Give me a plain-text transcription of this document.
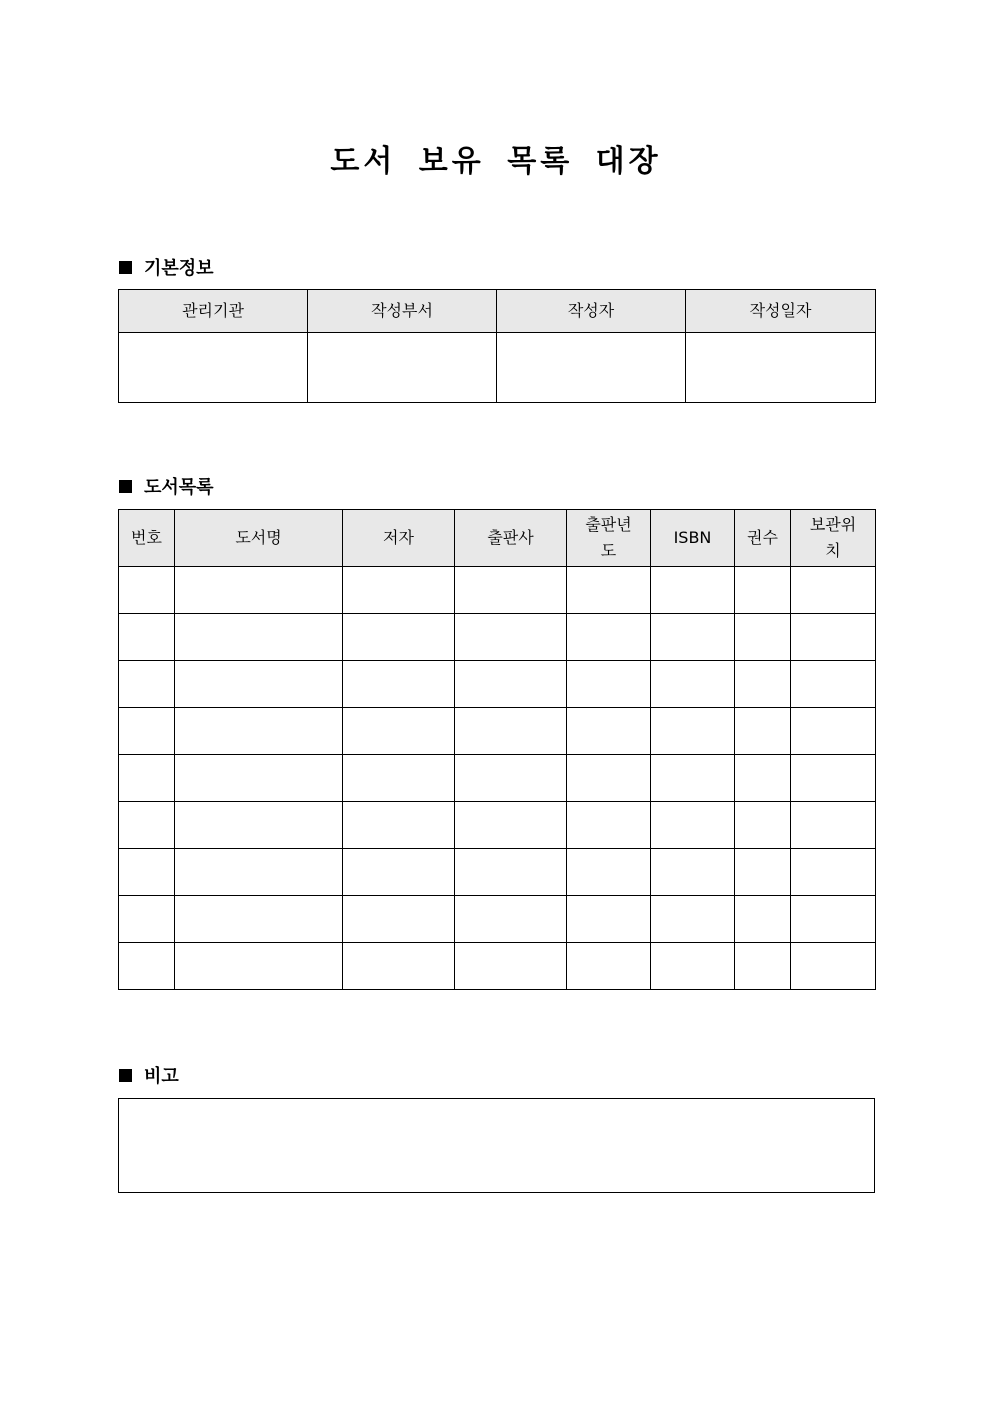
도서 보유 목록 대장
기본정보
관리기관	작성부서	작성자	작성일자

도서목록
번호	도서명	저자	출판사	출판년도	ISBN	권수	보관위치

비고
